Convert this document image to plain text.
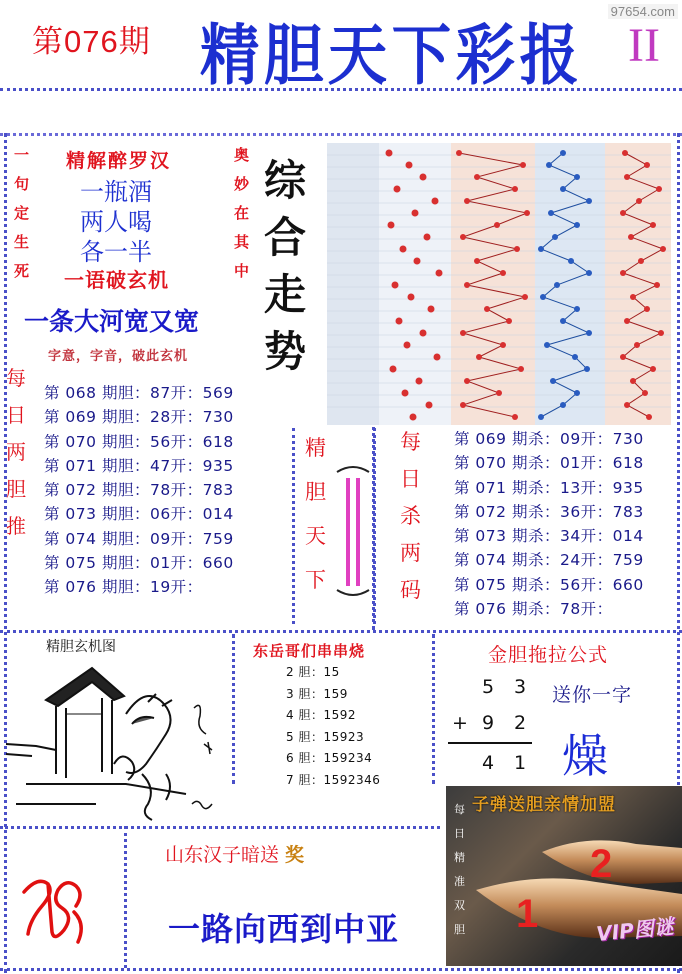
97654.com
第076期 精胆天下彩报 II
一
句
定
生
死
奥
妙
在
其
中
精解醉罗汉
一瓶酒
两人喝
各一半
一语破玄机
一条大河宽又宽
字意，字音，破此玄机
综
合
走
势
每
日
两
胆
推
第 068 期胆：87开：569
第 069 期胆：28开：730
第 070 期胆：56开：618
第 071 期胆：47开：935
第 072 期胆：78开：783
第 073 期胆：06开：014
第 074 期胆：09开：759
第 075 期胆：01开：660
第 076 期胆：19开：
精
胆
天
下
每
日
杀
两
码
第 069 期杀：09开：730
第 070 期杀：01开：618
第 071 期杀：13开：935
第 072 期杀：36开：783
第 073 期杀：34开：014
第 074 期杀：24开：759
第 075 期杀：56开：660
第 076 期杀：78开：
精胆玄机图	东岳哥们串串烧
2 胆：15
3 胆：159
4 胆：1592
5 胆：15923
6 胆：159234
7 胆：1592346
金胆拖拉公式
5 3
+ 9 2
4 1
送你一字
燥
山东汉子暗送 奖
一路向西到中亚
子弹送胆亲情加盟
每
日
精
准
双
胆 1
2
VIP图谜
